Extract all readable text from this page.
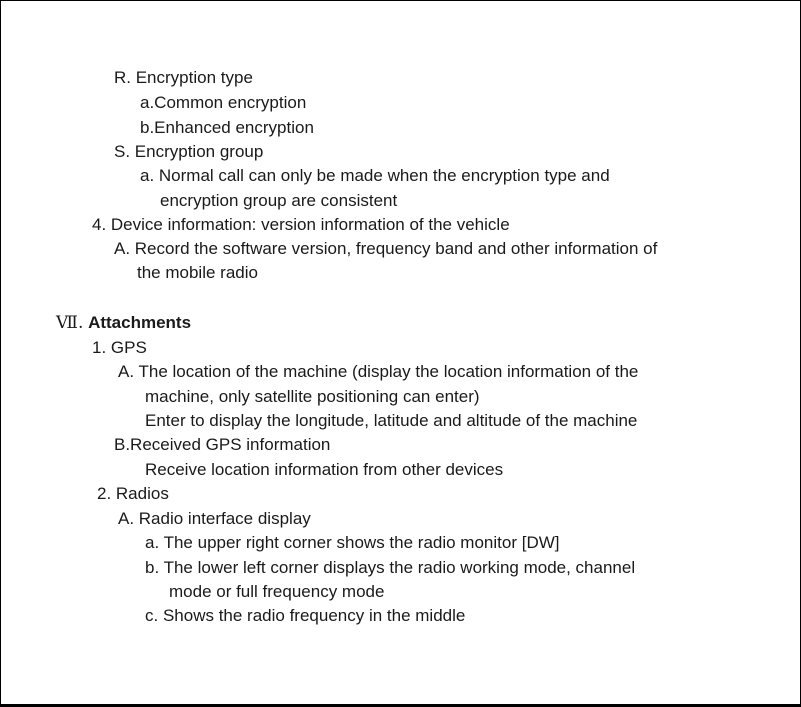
R. Encryption type
a.Common encryption
b.Enhanced encryption
S. Encryption group
a. Normal call can only be made when the encryption type and
encryption group are consistent
4. Device information: version information of the vehicle
A. Record the software version, frequency band and other information of
the mobile radio
Ⅶ. Attachments
1. GPS
A. The location of the machine (display the location information of the
machine, only satellite positioning can enter)
Enter to display the longitude, latitude and altitude of the machine
B.Received GPS information
Receive location information from other devices
2. Radios
A. Radio interface display
a. The upper right corner shows the radio monitor [DW]
b. The lower left corner displays the radio working mode, channel
mode or full frequency mode
c. Shows the radio frequency in the middle
